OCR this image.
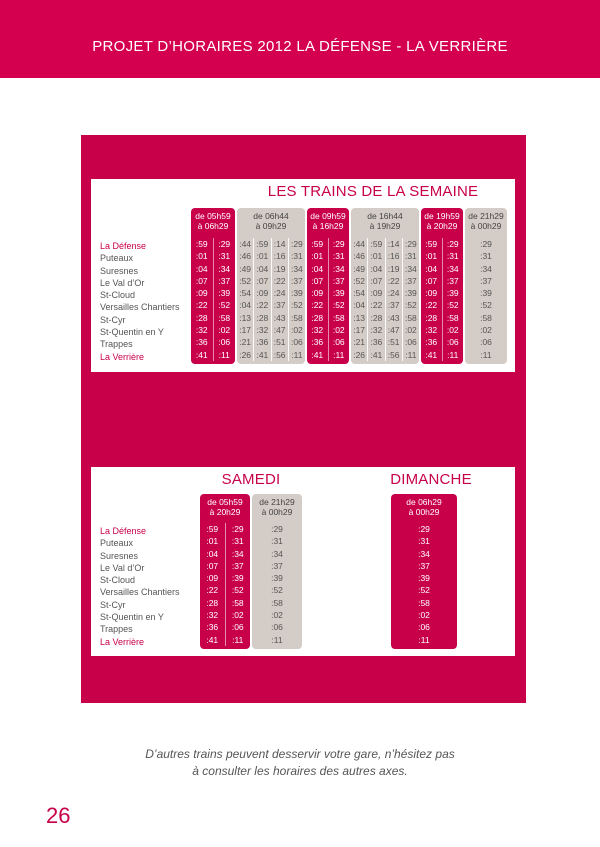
PROJET D’HORAIRES 2012 LA DÉFENSE - LA VERRIÈRE
LES TRAINS DE LA SEMAINE
La Défense
Puteaux
Suresnes
Le Val d’Or
St-Cloud
Versailles Chantiers
St-Cyr
St-Quentin en Y
Trappes
La Verrière
de 05h59
à 06h29
:59
:01
:04
:07
:09
:22
:28
:32
:36
:41
:29
:31
:34
:37
:39
:52
:58
:02
:06
:11
de 06h44
à 09h29
:44
:46
:49
:52
:54
:04
:13
:17
:21
:26
:59
:01
:04
:07
:09
:22
:28
:32
:36
:41
:14
:16
:19
:22
:24
:37
:43
:47
:51
:56
:29
:31
:34
:37
:39
:52
:58
:02
:06
:11
de 09h59
à 16h29
:59
:01
:04
:07
:09
:22
:28
:32
:36
:41
:29
:31
:34
:37
:39
:52
:58
:02
:06
:11
de 16h44
à 19h29
:44
:46
:49
:52
:54
:04
:13
:17
:21
:26
:59
:01
:04
:07
:09
:22
:28
:32
:36
:41
:14
:16
:19
:22
:24
:37
:43
:47
:51
:56
:29
:31
:34
:37
:39
:52
:58
:02
:06
:11
de 19h59
à 20h29
:59
:01
:04
:07
:09
:22
:28
:32
:36
:41
:29
:31
:34
:37
:39
:52
:58
:02
:06
:11
de 21h29
à 00h29
:29
:31
:34
:37
:39
:52
:58
:02
:06
:11
SAMEDI	DIMANCHE
La Défense
Puteaux
Suresnes
Le Val d’Or
St-Cloud
Versailles Chantiers
St-Cyr
St-Quentin en Y
Trappes
La Verrière
de 05h59
à 20h29
:59
:01
:04
:07
:09
:22
:28
:32
:36
:41
:29
:31
:34
:37
:39
:52
:58
:02
:06
:11
de 21h29
à 00h29
:29
:31
:34
:37
:39
:52
:58
:02
:06
:11
de 06h29
à 00h29
:29
:31
:34
:37
:39
:52
:58
:02
:06
:11
D’autres trains peuvent desservir votre gare, n’hésitez pas
à consulter les horaires des autres axes.
26
